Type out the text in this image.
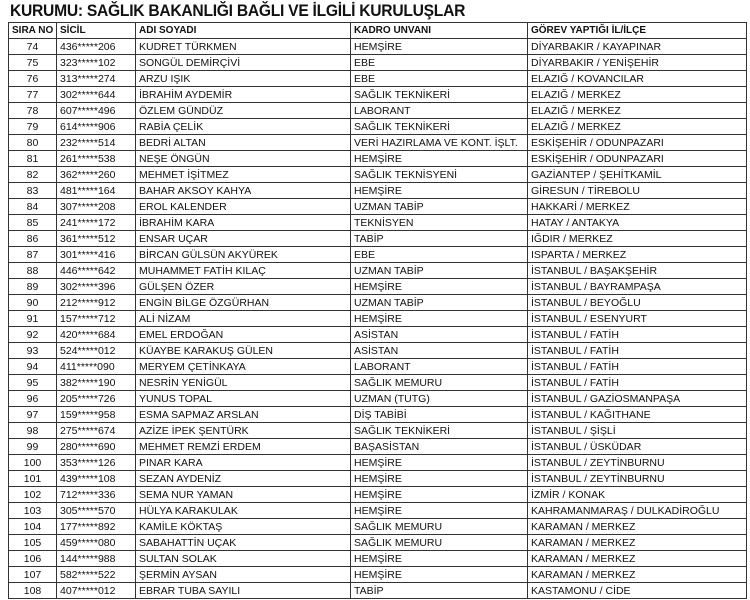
KURUMU: SAĞLIK BAKANLIĞI BAĞLI VE İLGİLİ KURULUŞLAR
SIRA NO	SİCİL	ADI SOYADI	KADRO UNVANI	GÖREV YAPTIĞI İL/İLÇE
74	436*****206	KUDRET TÜRKMEN	HEMŞİRE	DİYARBAKIR / KAYAPINAR
75	323*****102	SONGÜL DEMİRÇİVİ	EBE	DİYARBAKIR / YENİŞEHİR
76	313*****274	ARZU IŞIK	EBE	ELAZIĞ / KOVANCILAR
77	302*****644	İBRAHİM AYDEMİR	SAĞLIK TEKNİKERİ	ELAZIĞ / MERKEZ
78	607*****496	ÖZLEM GÜNDÜZ	LABORANT	ELAZIĞ / MERKEZ
79	614*****906	RABİA ÇELİK	SAĞLIK TEKNİKERİ	ELAZIĞ / MERKEZ
80	232*****514	BEDRİ ALTAN	VERİ HAZIRLAMA VE KONT. İŞLT.	ESKİŞEHİR / ODUNPAZARI
81	261*****538	NEŞE ÖNGÜN	HEMŞİRE	ESKİŞEHİR / ODUNPAZARI
82	362*****260	MEHMET İŞİTMEZ	SAĞLIK TEKNİSYENİ	GAZİANTEP / ŞEHİTKAMİL
83	481*****164	BAHAR AKSOY KAHYA	HEMŞİRE	GİRESUN / TİREBOLU
84	307*****208	EROL KALENDER	UZMAN TABİP	HAKKARİ / MERKEZ
85	241*****172	İBRAHİM KARA	TEKNİSYEN	HATAY / ANTAKYA
86	361*****512	ENSAR UÇAR	TABİP	IĞDIR / MERKEZ
87	301*****416	BİRCAN GÜLSÜN AKYÜREK	EBE	ISPARTA / MERKEZ
88	446*****642	MUHAMMET FATİH KILAÇ	UZMAN TABİP	İSTANBUL / BAŞAKŞEHİR
89	302*****396	GÜLŞEN ÖZER	HEMŞİRE	İSTANBUL / BAYRAMPAŞA
90	212*****912	ENGİN BİLGE ÖZGÜRHAN	UZMAN TABİP	İSTANBUL / BEYOĞLU
91	157*****712	ALİ NİZAM	HEMŞİRE	İSTANBUL / ESENYURT
92	420*****684	EMEL ERDOĞAN	ASİSTAN	İSTANBUL / FATİH
93	524*****012	KÜAYBE KARAKUŞ GÜLEN	ASİSTAN	İSTANBUL / FATİH
94	411*****090	MERYEM ÇETİNKAYA	LABORANT	İSTANBUL / FATİH
95	382*****190	NESRİN YENİGÜL	SAĞLIK MEMURU	İSTANBUL / FATİH
96	205*****726	YUNUS TOPAL	UZMAN (TUTG)	İSTANBUL / GAZİOSMANPAŞA
97	159*****958	ESMA SAPMAZ ARSLAN	DİŞ TABİBİ	İSTANBUL / KAĞITHANE
98	275*****674	AZİZE İPEK ŞENTÜRK	SAĞLIK TEKNİKERİ	İSTANBUL / ŞİŞLİ
99	280*****690	MEHMET REMZİ ERDEM	BAŞASİSTAN	İSTANBUL / ÜSKÜDAR
100	353*****126	PINAR KARA	HEMŞİRE	İSTANBUL / ZEYTİNBURNU
101	439*****108	SEZAN AYDENİZ	HEMŞİRE	İSTANBUL / ZEYTİNBURNU
102	712*****336	SEMA NUR YAMAN	HEMŞİRE	İZMİR / KONAK
103	305*****570	HÜLYA KARAKULAK	HEMŞİRE	KAHRAMANMARAŞ / DULKADİROĞLU
104	177*****892	KAMİLE KÖKTAŞ	SAĞLIK MEMURU	KARAMAN / MERKEZ
105	459*****080	SABAHATTİN UÇAK	SAĞLIK MEMURU	KARAMAN / MERKEZ
106	144*****988	SULTAN SOLAK	HEMŞİRE	KARAMAN / MERKEZ
107	582*****522	ŞERMİN AYSAN	HEMŞİRE	KARAMAN / MERKEZ
108	407*****012	EBRAR TUBA SAYILI	TABİP	KASTAMONU / CİDE
